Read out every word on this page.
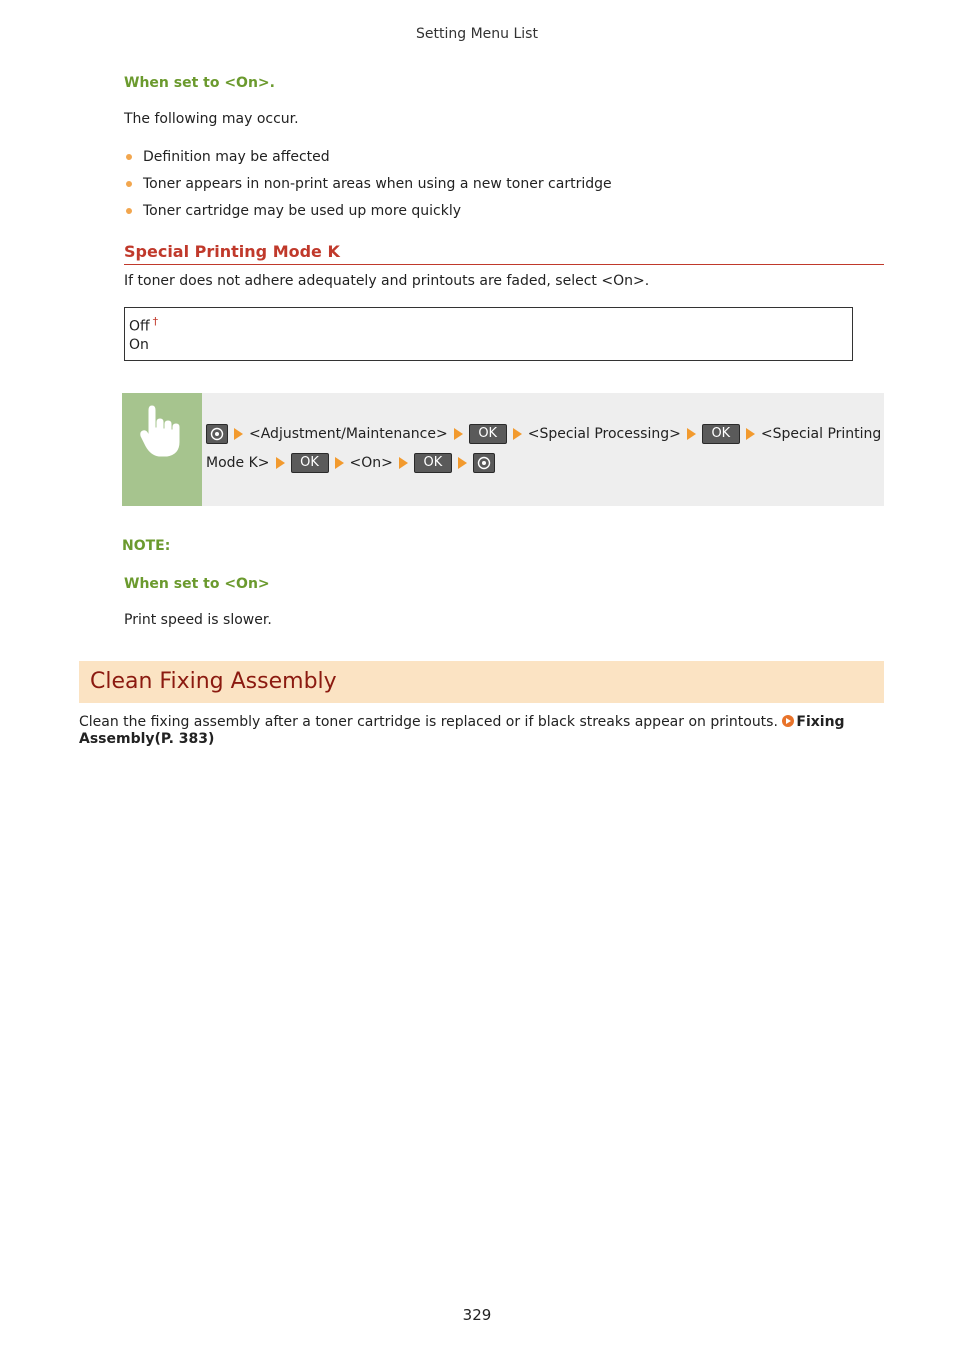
Setting Menu List
When set to <On>.
The following may occur.
Definition may be affected
Toner appears in non-print areas when using a new toner cartridge
Toner cartridge may be used up more quickly
Special Printing Mode K
If toner does not adhere adequately and printouts are faded, select <On>.
Off †
On
<Adjustment/Maintenance>	OK	<Special Processing>	OK	<Special Printing
Mode K>	OK	<On>	OK
NOTE:
When set to <On>
Print speed is slower.
Clean Fixing Assembly
Clean the fixing assembly after a toner cartridge is replaced or if black streaks appear on printouts. Fixing
Assembly(P. 383)
329
